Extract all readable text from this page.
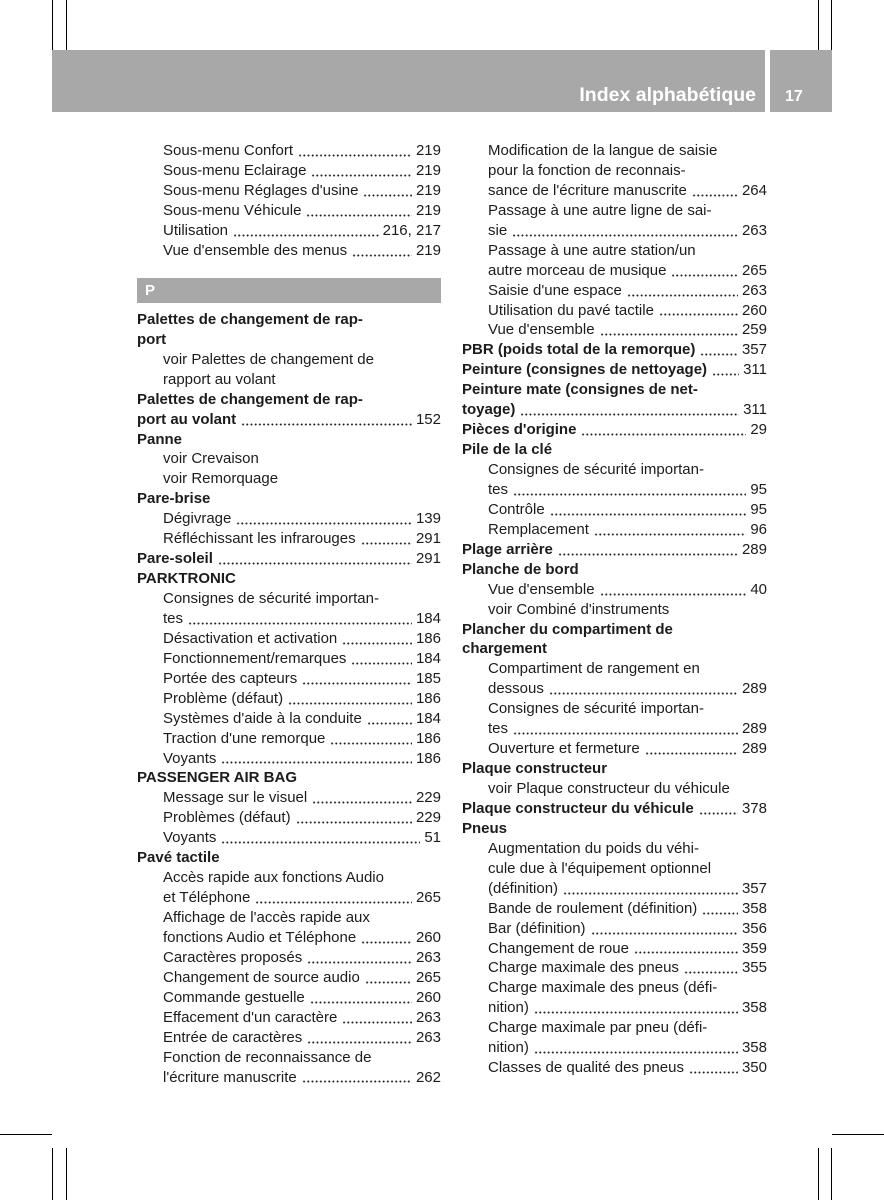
Index alphabétique 17
Sous-menu Confort	219
Sous-menu Eclairage	219
Sous-menu Réglages d'usine	219
Sous-menu Véhicule	219
Utilisation	216, 217
Vue d'ensemble des menus	219
P
Palettes de changement de rap-
port
voir Palettes de changement de
rapport au volant
Palettes de changement de rap-
port au volant	152
Panne
voir Crevaison
voir Remorquage
Pare-brise
Dégivrage	139
Réfléchissant les infrarouges	291
Pare-soleil	291
PARKTRONIC
Consignes de sécurité importan-
tes	184
Désactivation et activation	186
Fonctionnement/remarques	184
Portée des capteurs	185
Problème (défaut)	186
Systèmes d'aide à la conduite	184
Traction d'une remorque	186
Voyants	186
PASSENGER AIR BAG
Message sur le visuel	229
Problèmes (défaut)	229
Voyants	51
Pavé tactile
Accès rapide aux fonctions Audio
et Téléphone	265
Affichage de l'accès rapide aux
fonctions Audio et Téléphone	260
Caractères proposés	263
Changement de source audio	265
Commande gestuelle	260
Effacement d'un caractère	263
Entrée de caractères	263
Fonction de reconnaissance de
l'écriture manuscrite	262
Modification de la langue de saisie
pour la fonction de reconnais-
sance de l'écriture manuscrite	264
Passage à une autre ligne de sai-
sie	263
Passage à une autre station/un
autre morceau de musique	265
Saisie d'une espace	263
Utilisation du pavé tactile	260
Vue d'ensemble	259
PBR (poids total de la remorque)	357
Peinture (consignes de nettoyage) 311
Peinture mate (consignes de net-
toyage)	311
Pièces d'origine	29
Pile de la clé
Consignes de sécurité importan-
tes	95
Contrôle	95
Remplacement	96
Plage arrière	289
Planche de bord
Vue d'ensemble	40
voir Combiné d'instruments
Plancher du compartiment de
chargement
Compartiment de rangement en
dessous	289
Consignes de sécurité importan-
tes	289
Ouverture et fermeture	289
Plaque constructeur
voir Plaque constructeur du véhicule
Plaque constructeur du véhicule	378
Pneus
Augmentation du poids du véhi-
cule due à l'équipement optionnel
(définition)	357
Bande de roulement (définition)	358
Bar (définition)	356
Changement de roue	359
Charge maximale des pneus	355
Charge maximale des pneus (défi-
nition)	358
Charge maximale par pneu (défi-
nition)	358
Classes de qualité des pneus	350
